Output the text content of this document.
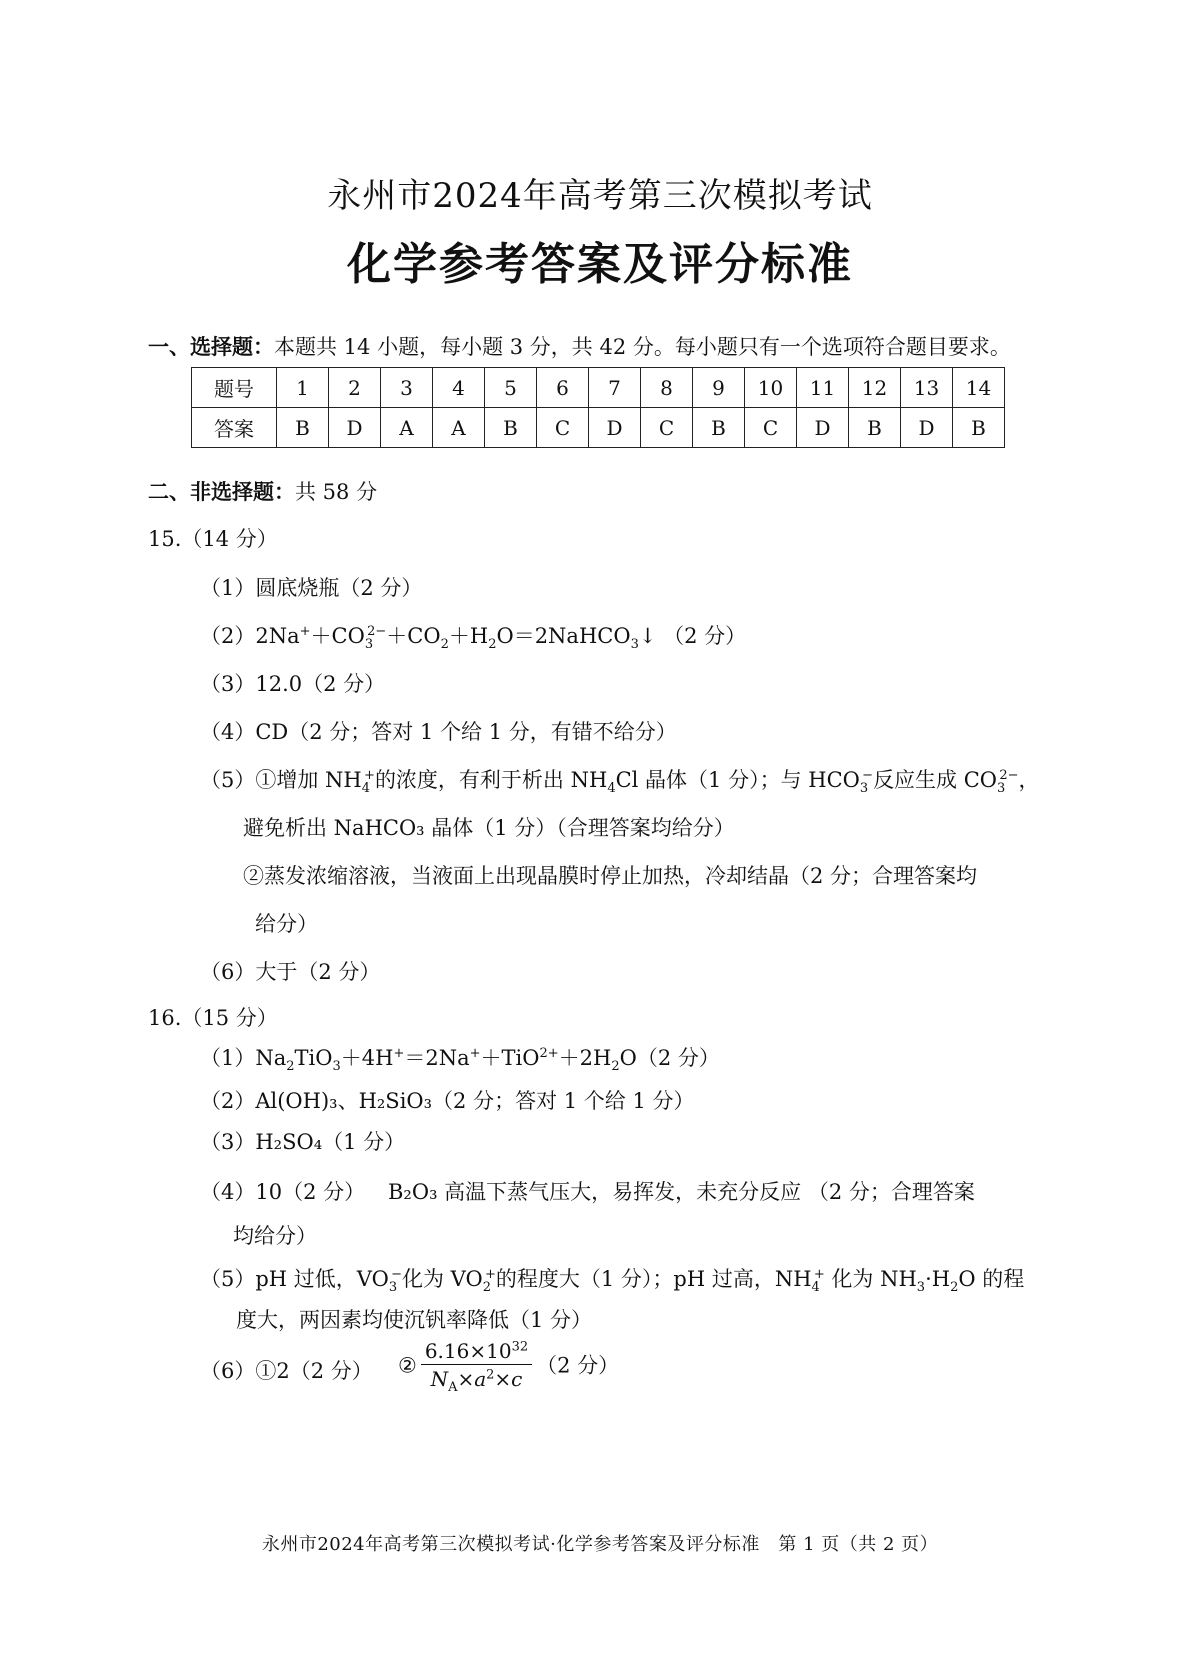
永州市2024年高考第三次模拟考试
化学参考答案及评分标准
一、选择题：本题共 14 小题，每小题 3 分，共 42 分。每小题只有一个选项符合题目要求。
题号	1	2	3	4	5	6	7	8	9	10	11	12	13	14
答案	B	D	A	A	B	C	D	C	B	C	D	B	D	B
二、非选择题：共 58 分
15.（14 分）
（1）圆底烧瓶（2 分）
$(2)2Na^++CO_3^{2-}+CO_2+H_2O=2NaHCO_3↓$ （2 分）
（3）12.0（2 分）
（4）CD（2 分；答对 1 个给 1 分，有错不给分）
（5）①增加 $NH_4^+$的浓度，有利于析出 $NH_4Cl$ 晶体（1 分）；与 $HCO_3^-$反应生成 $CO_3^{2-}$，
避免析出 NaHCO₃ 晶体（1 分）（合理答案均给分）
②蒸发浓缩溶液，当液面上出现晶膜时停止加热，冷却结晶（2 分；合理答案均
给分）
（6）大于（2 分）
16.（15 分）
$(1)Na_2TiO_3+4H^+=2Na^++TiO^{2+}+2H_2O(2$ 分）
（2）Al(OH)₃、H₂SiO₃（2 分；答对 1 个给 1 分）
（3）H₂SO₄（1 分）
（4）10（2 分） B₂O₃ 高温下蒸气压大，易挥发，未充分反应 （2 分；合理答案
均给分）
（5）pH 过低，$VO_3^-$化为 $VO_2^+$的程度大（1 分）；pH 过高，$NH_4^+$ 化为 $NH_3\cdot H_2O$ 的程
度大，两因素均使沉钒率降低（1 分）
（6）①2（2 分） ② $\frac{6.16\times 10^{32}}{N_A\times a^2\times c} (2$ 分）
永州市2024年高考第三次模拟考试·化学参考答案及评分标准　第 1 页（共 2 页）
